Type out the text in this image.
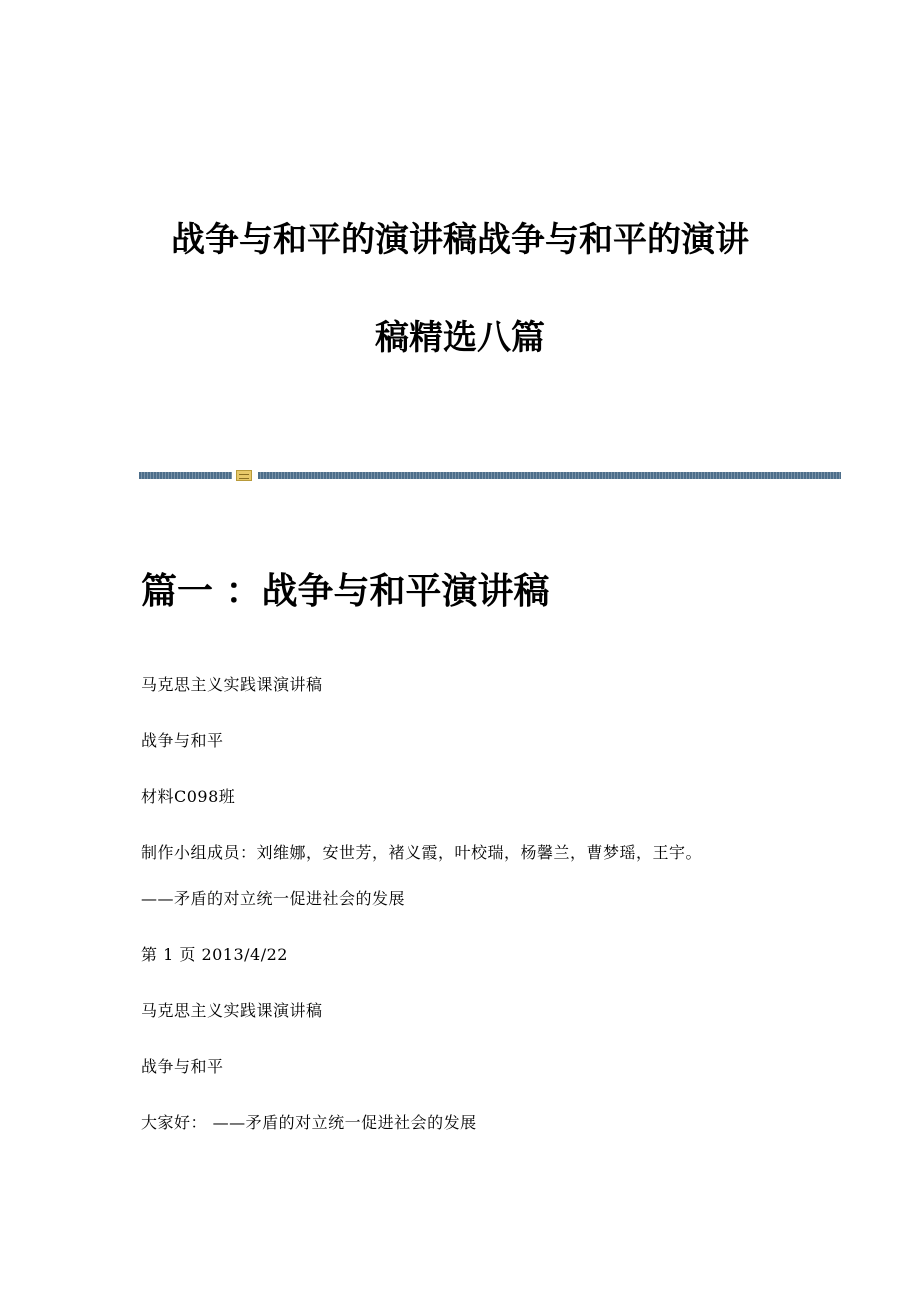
战争与和平的演讲稿战争与和平的演讲
稿精选八篇
篇一 ：战争与和平演讲稿
马克思主义实践课演讲稿
战争与和平
材料C098班
制作小组成员：刘维娜，安世芳，褚义霞，叶校瑞，杨馨兰，曹梦瑶，王宇。
——矛盾的对立统一促进社会的发展
第 1 页 2013/4/22
马克思主义实践课演讲稿
战争与和平
大家好： ——矛盾的对立统一促进社会的发展
